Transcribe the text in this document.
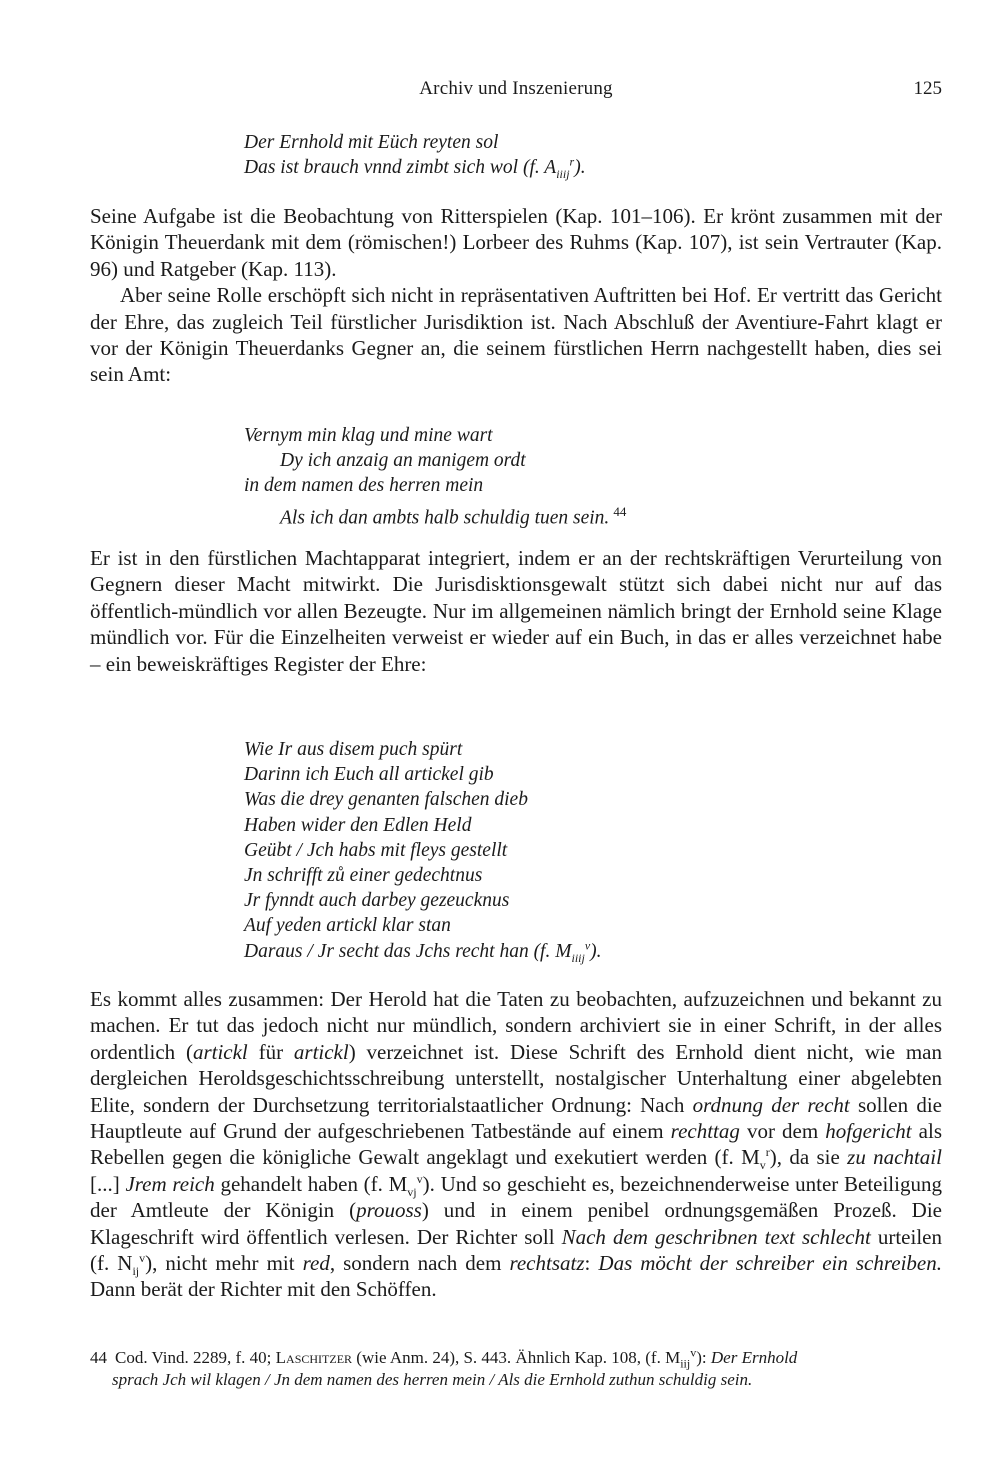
Archiv und Inszenierung	125
Der Ernhold mit Eüch reyten sol
Das ist brauch vnnd zimbt sich wol (f. $A_{iiij}^r$).

Seine Aufgabe ist die Beobachtung von Ritterspielen (Kap. 101–106). Er krönt zusammen mit der Königin Theuerdank mit dem (römischen!) Lorbeer des Ruhms (Kap. 107), ist sein Vertrauter (Kap. 96) und Ratgeber (Kap. 113).

Aber seine Rolle erschöpft sich nicht in repräsentativen Auftritten bei Hof. Er vertritt das Gericht der Ehre, das zugleich Teil fürstlicher Jurisdiktion ist. Nach Abschluß der Aventiure-Fahrt klagt er vor der Königin Theuerdanks Gegner an, die seinem fürstlichen Herrn nachgestellt haben, dies sei sein Amt:

Vernym min klag und mine wart
Dy ich anzaig an manigem ordt
in dem namen des herren mein
Als ich dan ambts halb schuldig tuen sein. $^{44}$

Er ist in den fürstlichen Machtapparat integriert, indem er an der rechtskräftigen Verurteilung von Gegnern dieser Macht mitwirkt. Die Jurisdisktionsgewalt stützt sich dabei nicht nur auf das öffentlich-mündlich vor allen Bezeugte. Nur im allgemeinen nämlich bringt der Ernhold seine Klage mündlich vor. Für die Einzelheiten verweist er wieder auf ein Buch, in das er alles verzeichnet habe – ein beweiskräftiges Register der Ehre:

Wie Ir aus disem puch spürt
Darinn ich Euch all artickel gib
Was die drey genanten falschen dieb
Haben wider den Edlen Held
Geübt / Jch habs mit fleys gestellt
Jn schrifft zů einer gedechtnus
Jr fynndt auch darbey gezeucknus
Auf yeden artickl klar stan
Daraus / Jr secht das Jchs recht han (f. $M_{iiij}^v$).

Es kommt alles zusammen: Der Herold hat die Taten zu beobachten, aufzuzeichnen und bekannt zu machen. Er tut das jedoch nicht nur mündlich, sondern archiviert sie in einer Schrift, in der alles ordentlich (artickl für artickl) verzeichnet ist. Diese Schrift des Ernhold dient nicht, wie man dergleichen Heroldsgeschichtsschreibung unterstellt, nostalgischer Unterhaltung einer abgelebten Elite, sondern der Durchsetzung territorialstaatlicher Ordnung: Nach ordnung der recht sollen die Hauptleute auf Grund der aufgeschriebenen Tatbestände auf einem rechttag vor dem hofgericht als Rebellen gegen die königliche Gewalt angeklagt und exekutiert werden (f. $M_v^r$), da sie zu nachtail [...] Jrem reich gehandelt haben (f. $M_{vj}^v$). Und so geschieht es, bezeichnenderweise unter Beteiligung der Amtleute der Königin (prouoss) und in einem penibel ordnungsgemäßen Prozeß. Die Klageschrift wird öffentlich verlesen. Der Richter soll Nach dem geschribnen text schlecht urteilen (f. $N_{ij}^v$), nicht mehr mit red, sondern nach dem rechtsatz: Das möcht der schreiber ein schreiben. Dann berät der Richter mit den Schöffen.

44 Cod. Vind. 2289, f. 40; Laschitzer (wie Anm. 24), S. 443. Ähnlich Kap. 108, (f. $M_{iij}^v$): Der Ernhold
sprach Jch wil klagen / Jn dem namen des herren mein / Als die Ernhold zuthun schuldig sein.
